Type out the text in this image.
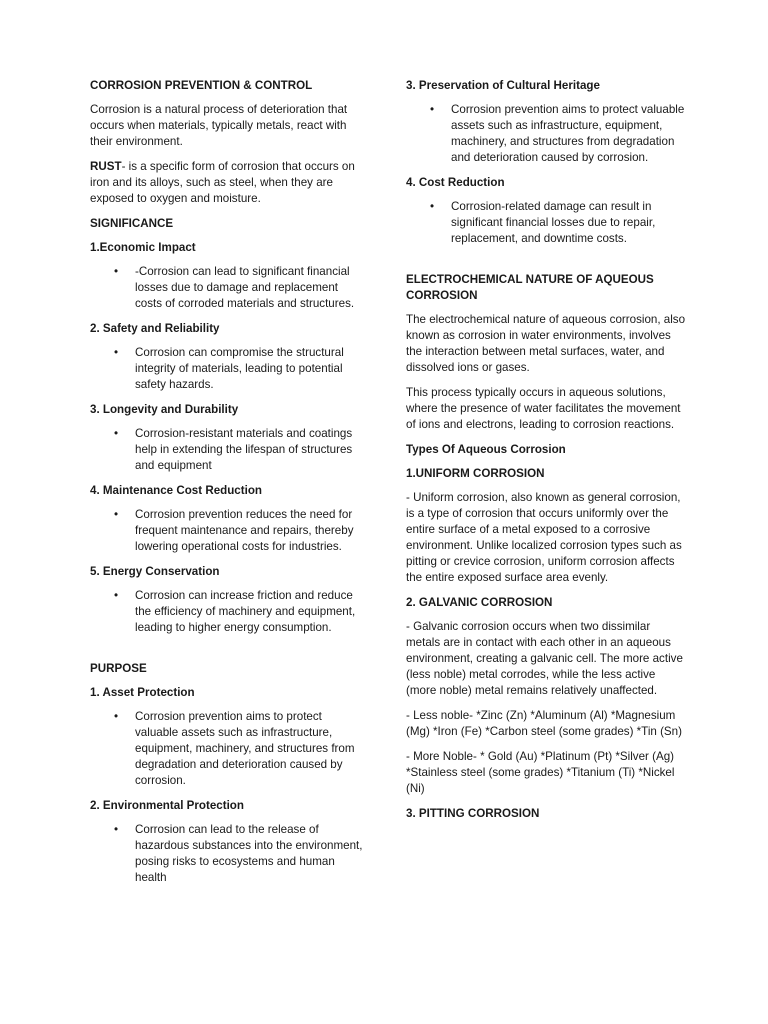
CORROSION PREVENTION & CONTROL

Corrosion is a natural process of deterioration that occurs when materials, typically metals, react with their environment.

RUST- is a specific form of corrosion that occurs on iron and its alloys, such as steel, when they are exposed to oxygen and moisture.

SIGNIFICANCE
1.Economic Impact
• -Corrosion can lead to significant financial losses due to damage and replacement costs of corroded materials and structures.
2. Safety and Reliability
• Corrosion can compromise the structural integrity of materials, leading to potential safety hazards.
3. Longevity and Durability
• Corrosion-resistant materials and coatings help in extending the lifespan of structures and equipment
4. Maintenance Cost Reduction
• Corrosion prevention reduces the need for frequent maintenance and repairs, thereby lowering operational costs for industries.
5. Energy Conservation
• Corrosion can increase friction and reduce the efficiency of machinery and equipment, leading to higher energy consumption.
PURPOSE
1. Asset Protection
• Corrosion prevention aims to protect valuable assets such as infrastructure, equipment, machinery, and structures from degradation and deterioration caused by corrosion.
2. Environmental Protection
• Corrosion can lead to the release of hazardous substances into the environment, posing risks to ecosystems and human health
3. Preservation of Cultural Heritage
• Corrosion prevention aims to protect valuable assets such as infrastructure, equipment, machinery, and structures from degradation and deterioration caused by corrosion.
4. Cost Reduction
• Corrosion-related damage can result in significant financial losses due to repair, replacement, and downtime costs.
ELECTROCHEMICAL NATURE OF AQUEOUS CORROSION

The electrochemical nature of aqueous corrosion, also known as corrosion in water environments, involves the interaction between metal surfaces, water, and dissolved ions or gases.

This process typically occurs in aqueous solutions, where the presence of water facilitates the movement of ions and electrons, leading to corrosion reactions.

Types Of Aqueous Corrosion
1.UNIFORM CORROSION

- Uniform corrosion, also known as general corrosion, is a type of corrosion that occurs uniformly over the entire surface of a metal exposed to a corrosive environment. Unlike localized corrosion types such as pitting or crevice corrosion, uniform corrosion affects the entire exposed surface area evenly.

2. GALVANIC CORROSION

- Galvanic corrosion occurs when two dissimilar metals are in contact with each other in an aqueous environment, creating a galvanic cell. The more active (less noble) metal corrodes, while the less active (more noble) metal remains relatively unaffected.

- Less noble- *Zinc (Zn) *Aluminum (Al) *Magnesium (Mg) *Iron (Fe) *Carbon steel (some grades) *Tin (Sn)

- More Noble- * Gold (Au) *Platinum (Pt) *Silver (Ag) *Stainless steel (some grades) *Titanium (Ti) *Nickel (Ni)

3. PITTING CORROSION
